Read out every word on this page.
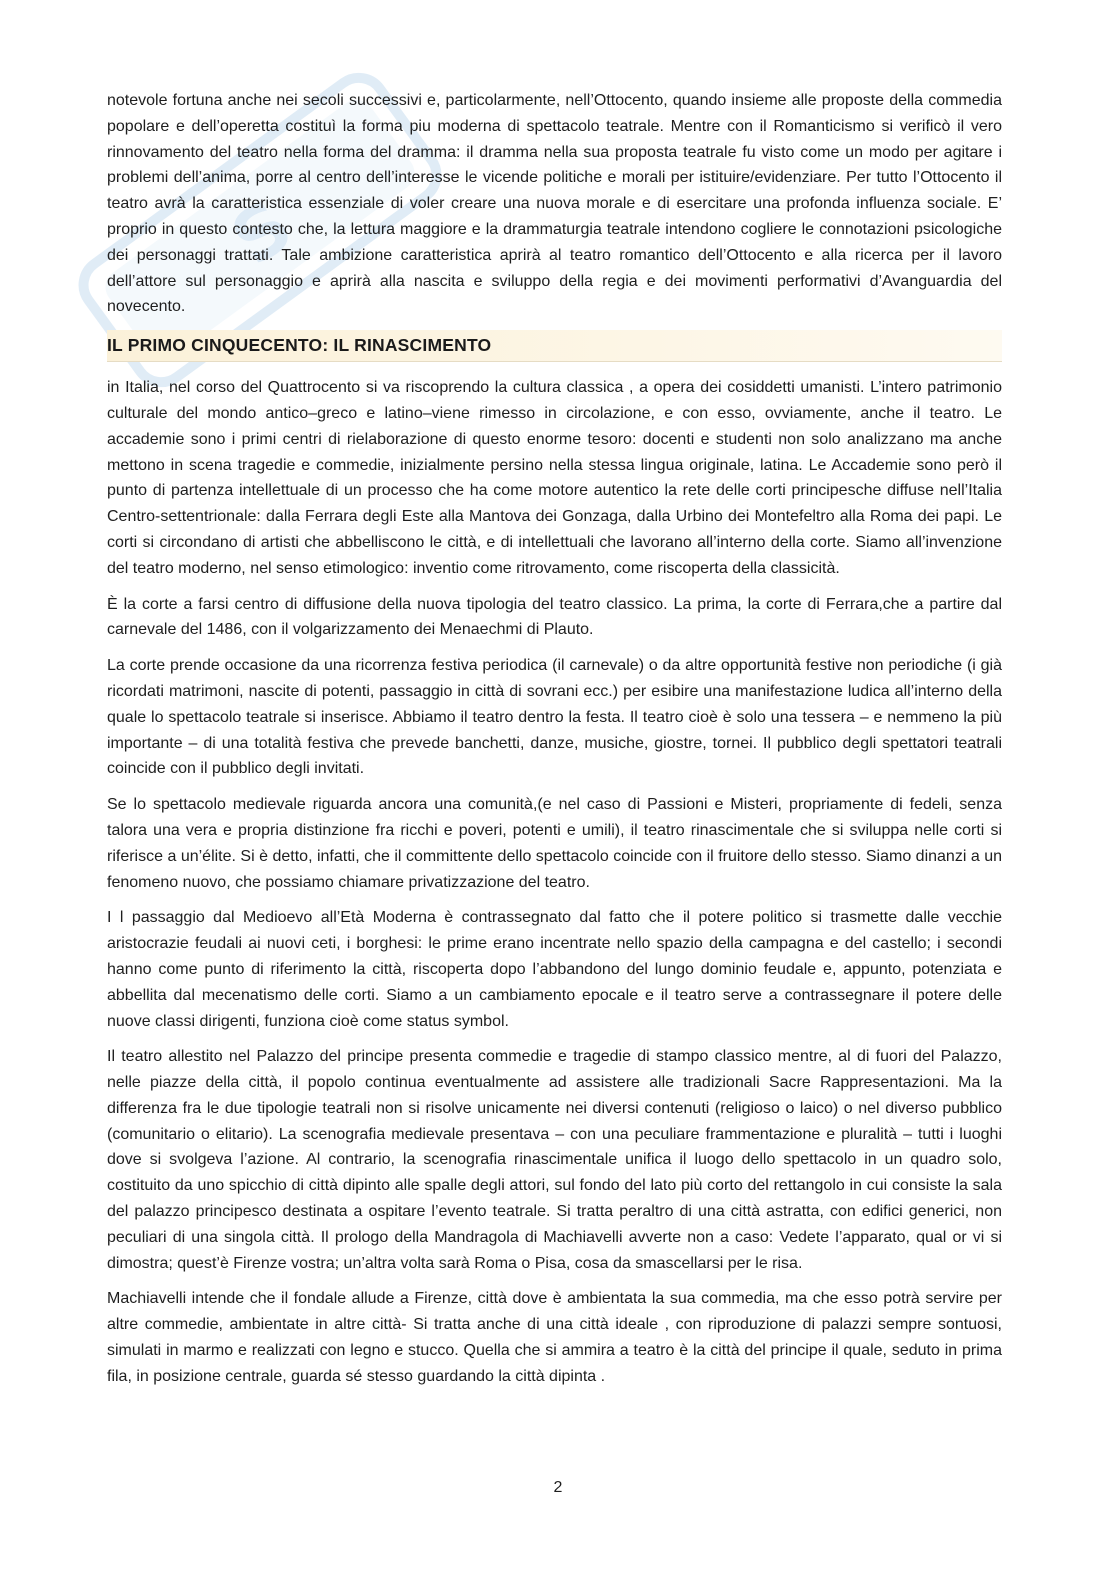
S

notevole fortuna anche nei secoli successivi e, particolarmente, nell’Ottocento, quando insieme alle proposte della commedia popolare e dell’operetta costituì la forma piu moderna di spettacolo teatrale. Mentre con il Romanticismo si verificò il vero rinnovamento del teatro nella forma del dramma: il dramma nella sua proposta teatrale fu visto come un modo per agitare i problemi dell’anima, porre al centro dell’interesse le vicende politiche e morali per istituire/evidenziare. Per tutto l’Ottocento il teatro avrà la caratteristica essenziale di voler creare una nuova morale e di esercitare una profonda influenza sociale. E’ proprio in questo contesto che, la lettura maggiore e la drammaturgia teatrale intendono cogliere le connotazioni psicologiche dei personaggi trattati. Tale ambizione caratteristica aprirà al teatro romantico dell’Ottocento e alla ricerca per il lavoro dell’attore sul personaggio e aprirà alla nascita e sviluppo della regia e dei movimenti performativi d’Avanguardia del novecento.

IL PRIMO CINQUECENTO: IL RINASCIMENTO

in Italia, nel corso del Quattrocento si va riscoprendo la cultura classica , a opera dei cosiddetti umanisti. L’intero patrimonio culturale del mondo antico–greco e latino–viene rimesso in circolazione, e con esso, ovviamente, anche il teatro. Le accademie sono i primi centri di rielaborazione di questo enorme tesoro: docenti e studenti non solo analizzano ma anche mettono in scena tragedie e commedie, inizialmente persino nella stessa lingua originale, latina. Le Accademie sono però il punto di partenza intellettuale di un processo che ha come motore autentico la rete delle corti principesche diffuse nell’Italia Centro-settentrionale: dalla Ferrara degli Este alla Mantova dei Gonzaga, dalla Urbino dei Montefeltro alla Roma dei papi. Le corti si circondano di artisti che abbelliscono le città, e di intellettuali che lavorano all’interno della corte. Siamo all’invenzione del teatro moderno, nel senso etimologico: inventio come ritrovamento, come riscoperta della classicità.

È la corte a farsi centro di diffusione della nuova tipologia del teatro classico. La prima, la corte di Ferrara,che a partire dal carnevale del 1486, con il volgarizzamento dei Menaechmi di Plauto.

La corte prende occasione da una ricorrenza festiva periodica (il carnevale) o da altre opportunità festive non periodiche (i già ricordati matrimoni, nascite di potenti, passaggio in città di sovrani ecc.) per esibire una manifestazione ludica all’interno della quale lo spettacolo teatrale si inserisce. Abbiamo il teatro dentro la festa. Il teatro cioè è solo una tessera – e nemmeno la più importante – di una totalità festiva che prevede banchetti, danze, musiche, giostre, tornei. Il pubblico degli spettatori teatrali coincide con il pubblico degli invitati.

Se lo spettacolo medievale riguarda ancora una comunità,(e nel caso di Passioni e Misteri, propriamente di fedeli, senza talora una vera e propria distinzione fra ricchi e poveri, potenti e umili), il teatro rinascimentale che si sviluppa nelle corti si riferisce a un’élite. Si è detto, infatti, che il committente dello spettacolo coincide con il fruitore dello stesso. Siamo dinanzi a un fenomeno nuovo, che possiamo chiamare privatizzazione del teatro.

I l passaggio dal Medioevo all’Età Moderna è contrassegnato dal fatto che il potere politico si trasmette dalle vecchie aristocrazie feudali ai nuovi ceti, i borghesi: le prime erano incentrate nello spazio della campagna e del castello; i secondi hanno come punto di riferimento la città, riscoperta dopo l’abbandono del lungo dominio feudale e, appunto, potenziata e abbellita dal mecenatismo delle corti. Siamo a un cambiamento epocale e il teatro serve a contrassegnare il potere delle nuove classi dirigenti, funziona cioè come status symbol.

Il teatro allestito nel Palazzo del principe presenta commedie e tragedie di stampo classico mentre, al di fuori del Palazzo, nelle piazze della città, il popolo continua eventualmente ad assistere alle tradizionali Sacre Rappresentazioni. Ma la differenza fra le due tipologie teatrali non si risolve unicamente nei diversi contenuti (religioso o laico) o nel diverso pubblico (comunitario o elitario). La scenografia medievale presentava – con una peculiare frammentazione e pluralità – tutti i luoghi dove si svolgeva l’azione. Al contrario, la scenografia rinascimentale unifica il luogo dello spettacolo in un quadro solo, costituito da uno spicchio di città dipinto alle spalle degli attori, sul fondo del lato più corto del rettangolo in cui consiste la sala del palazzo principesco destinata a ospitare l’evento teatrale. Si tratta peraltro di una città astratta, con edifici generici, non peculiari di una singola città. Il prologo della Mandragola di Machiavelli avverte non a caso: Vedete l’apparato, qual or vi si dimostra; quest’è Firenze vostra; un’altra volta sarà Roma o Pisa, cosa da smascellarsi per le risa.

Machiavelli intende che il fondale allude a Firenze, città dove è ambientata la sua commedia, ma che esso potrà servire per altre commedie, ambientate in altre città- Si tratta anche di una città ideale , con riproduzione di palazzi sempre sontuosi, simulati in marmo e realizzati con legno e stucco. Quella che si ammira a teatro è la città del principe il quale, seduto in prima fila, in posizione centrale, guarda sé stesso guardando la città dipinta .

2
